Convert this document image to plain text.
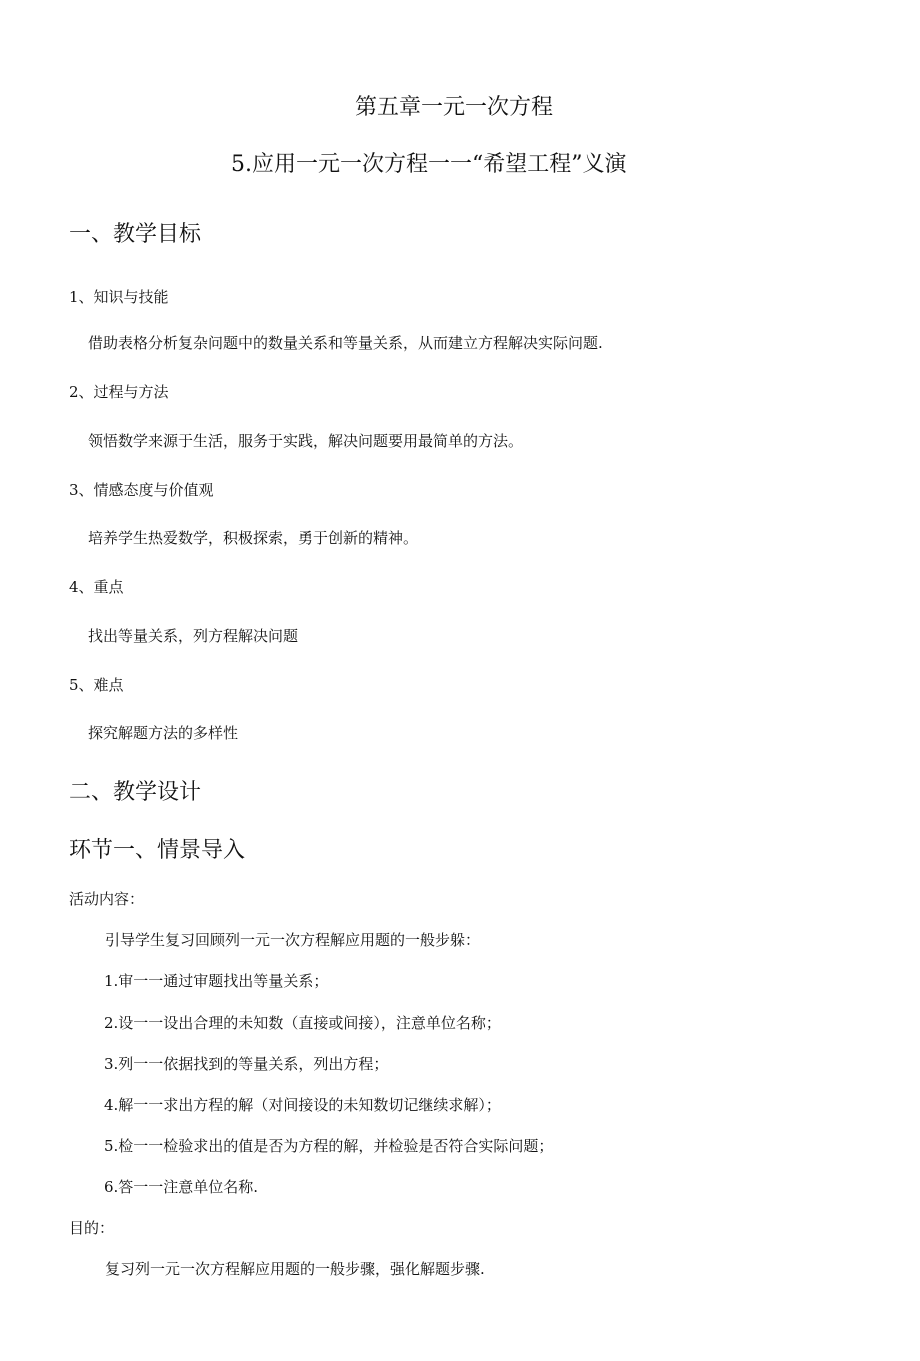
第五章一元一次方程
5.应用一元一次方程一一“希望工程”义演
一、教学目标
1、知识与技能
借助表格分析复杂问题中的数量关系和等量关系，从而建立方程解决实际问题.
2、过程与方法
领悟数学来源于生活，服务于实践，解决问题要用最简单的方法。
3、情感态度与价值观
培养学生热爱数学，积极探索，勇于创新的精神。
4、重点
找出等量关系，列方程解决问题
5、难点
探究解题方法的多样性
二、教学设计
环节一、情景导入
活动内容：
引导学生复习回顾列一元一次方程解应用题的一般步躲：
1.审一一通过审题找出等量关系；
2.设一一设出合理的未知数（直接或间接），注意单位名称；
3.列一一依据找到的等量关系，列出方程；
4.解一一求出方程的解（对间接设的未知数切记继续求解）；
5.检一一检验求出的值是否为方程的解，并检验是否符合实际问题；
6.答一一注意单位名称.
目的：
复习列一元一次方程解应用题的一般步骤，强化解题步骤.
